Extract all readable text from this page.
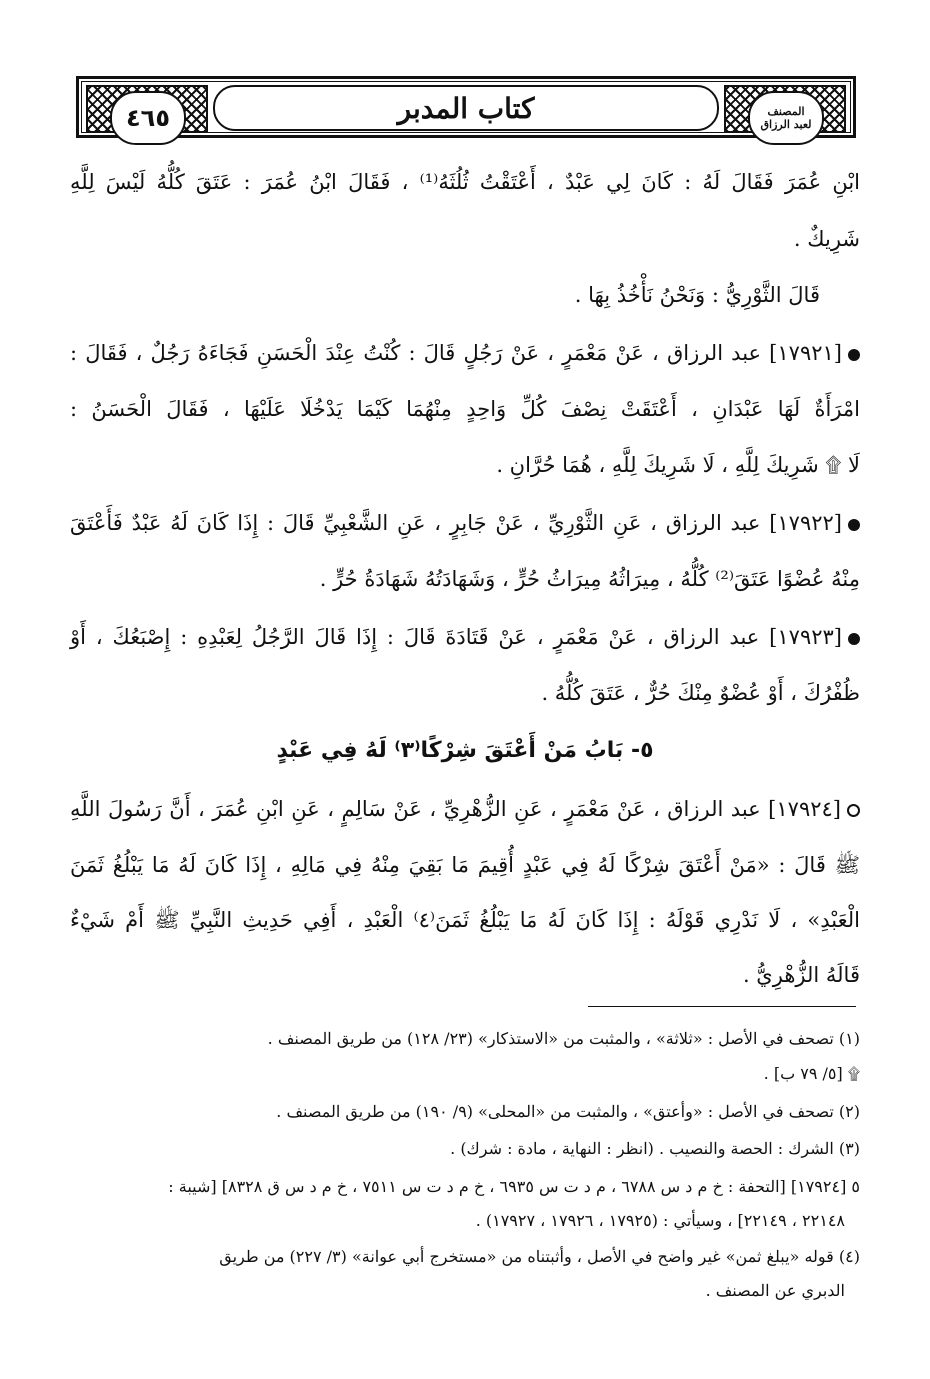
٤٦٥	المصنف
لعبد الرزاق
كتاب المدبر
ابْنِ عُمَرَ فَقَالَ لَهُ : كَانَ لِي عَبْدٌ ، أَعْتَقْتُ ثُلُثَهُ⁽¹⁾ ، فَقَالَ ابْنُ عُمَرَ : عَتَقَ كُلُّهُ لَيْسَ لِلَّهِ
شَرِيكٌ .
قَالَ الثَّوْرِيُّ : وَنَحْنُ نَأْخُذُ بِهَا .
[١٧٩٢١] عبد الرزاق ، عَنْ مَعْمَرٍ ، عَنْ رَجُلٍ قَالَ : كُنْتُ عِنْدَ الْحَسَنِ فَجَاءَهُ رَجُلٌ ، فَقَالَ :
امْرَأَةٌ لَهَا عَبْدَانِ ، أَعْتَقَتْ نِصْفَ كُلِّ وَاحِدٍ مِنْهُمَا كَيْمَا يَدْخُلَا عَلَيْهَا ، فَقَالَ الْحَسَنُ :
لَا ۩ شَرِيكَ لِلَّهِ ، لَا شَرِيكَ لِلَّهِ ، هُمَا حُرَّانِ .
[١٧٩٢٢] عبد الرزاق ، عَنِ الثَّوْرِيِّ ، عَنْ جَابِرٍ ، عَنِ الشَّعْبِيِّ قَالَ : إِذَا كَانَ لَهُ عَبْدٌ فَأَعْتَقَ
مِنْهُ عُضْوًا عَتَقَ⁽²⁾ كُلُّهُ ، مِيرَاثُهُ مِيرَاثُ حُرٍّ ، وَشَهَادَتُهُ شَهَادَةُ حُرٍّ .
[١٧٩٢٣] عبد الرزاق ، عَنْ مَعْمَرٍ ، عَنْ قَتَادَةَ قَالَ : إِذَا قَالَ الرَّجُلُ لِعَبْدِهِ : إِصْبَعُكَ ، أَوْ
ظُفْرُكَ ، أَوْ عُضْوٌ مِنْكَ حُرٌّ ، عَتَقَ كُلُّهُ .
٥- بَابُ مَنْ أَعْتَقَ شِرْكًا⁽٣⁾ لَهُ فِي عَبْدٍ
[١٧٩٢٤] عبد الرزاق ، عَنْ مَعْمَرٍ ، عَنِ الزُّهْرِيِّ ، عَنْ سَالِمٍ ، عَنِ ابْنِ عُمَرَ ، أَنَّ رَسُولَ اللَّهِ
ﷺ قَالَ : «مَنْ أَعْتَقَ شِرْكًا لَهُ فِي عَبْدٍ أُقِيمَ مَا بَقِيَ مِنْهُ فِي مَالِهِ ، إِذَا كَانَ لَهُ مَا يَبْلُغُ ثَمَنَ
الْعَبْدِ» ، لَا نَدْرِي قَوْلَهُ : إِذَا كَانَ لَهُ مَا يَبْلُغُ ثَمَنَ⁽٤⁾ الْعَبْدِ ، أَفِي حَدِيثِ النَّبِيِّ ﷺ أَمْ شَيْءٌ
قَالَهُ الزُّهْرِيُّ .
(١) تصحف في الأصل : «ثلاثة» ، والمثبت من «الاستذكار» (٢٣/ ١٢٨) من طريق المصنف .
۩ [٥/ ٧٩ ب] .
(٢) تصحف في الأصل : «وأعتق» ، والمثبت من «المحلى» (٩/ ١٩٠) من طريق المصنف .
(٣) الشرك : الحصة والنصيب . (انظر : النهاية ، مادة : شرك) .
٥ [١٧٩٢٤] [التحفة : خ م د س ٦٧٨٨ ، م د ت س ٦٩٣٥ ، خ م د ت س ٧٥١١ ، خ م د س ق ٨٣٢٨] [شيبة :
٢٢١٤٨ ، ٢٢١٤٩] ، وسيأتي : (١٧٩٢٥ ، ١٧٩٢٦ ، ١٧٩٢٧) .
(٤) قوله «يبلغ ثمن» غير واضح في الأصل ، وأثبتناه من «مستخرج أبي عوانة» (٣/ ٢٢٧) من طريق
الدبري عن المصنف .
